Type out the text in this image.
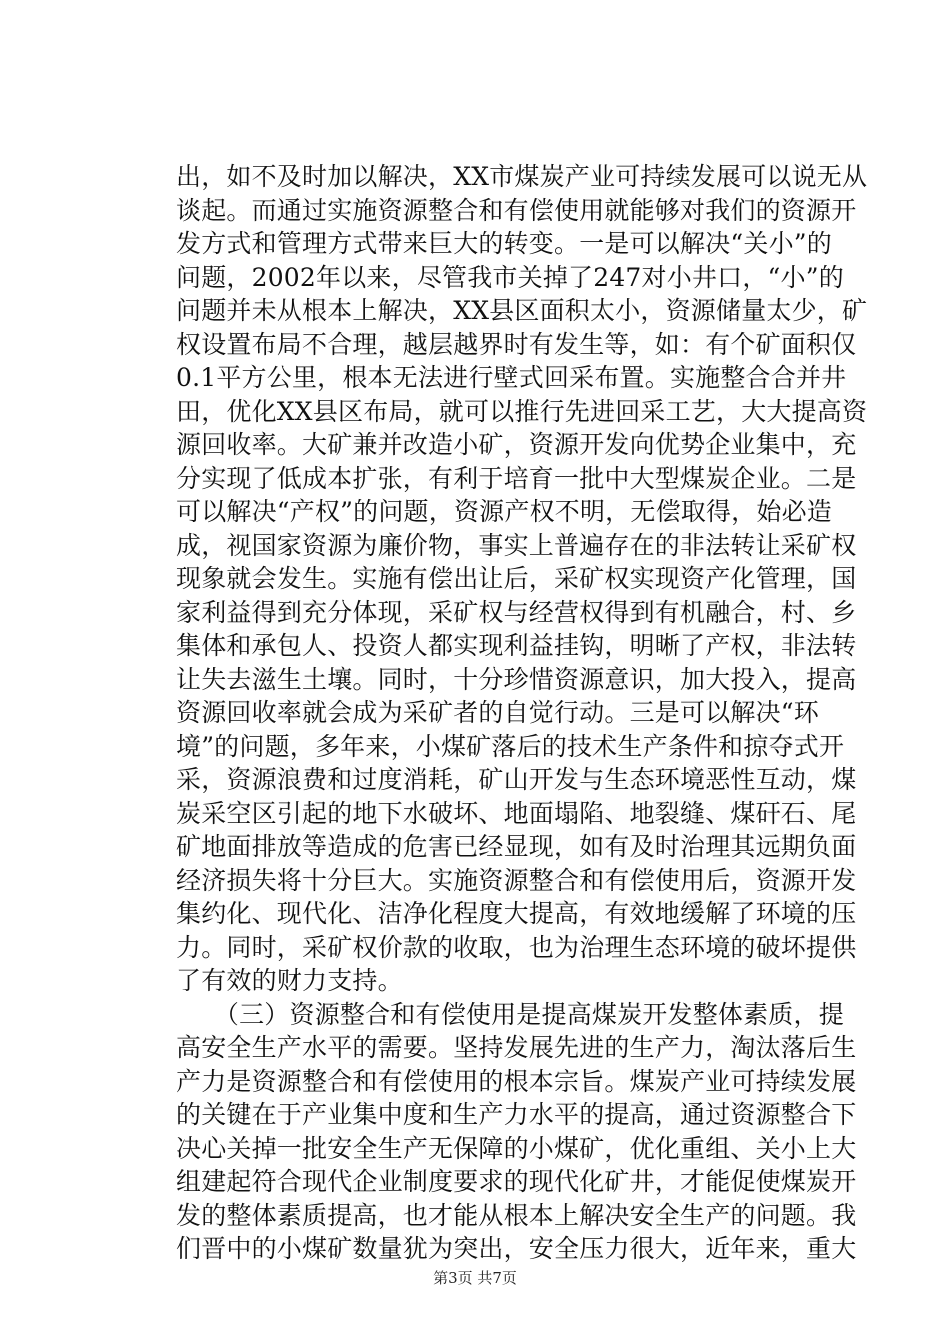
出，如不及时加以解决，XX市煤炭产业可持续发展可以说无从
谈起。而通过实施资源整合和有偿使用就能够对我们的资源开
发方式和管理方式带来巨大的转变。一是可以解决“关小”的
问题，2002年以来，尽管我市关掉了247对小井口，“小”的
问题并未从根本上解决，XX县区面积太小，资源储量太少，矿
权设置布局不合理，越层越界时有发生等，如：有个矿面积仅
0.1平方公里，根本无法进行壁式回采布置。实施整合合并井
田，优化XX县区布局，就可以推行先进回采工艺，大大提高资
源回收率。大矿兼并改造小矿，资源开发向优势企业集中，充
分实现了低成本扩张，有利于培育一批中大型煤炭企业。二是
可以解决“产权”的问题，资源产权不明，无偿取得，始必造
成，视国家资源为廉价物，事实上普遍存在的非法转让采矿权
现象就会发生。实施有偿出让后，采矿权实现资产化管理，国
家利益得到充分体现，采矿权与经营权得到有机融合，村、乡
集体和承包人、投资人都实现利益挂钩，明晰了产权，非法转
让失去滋生土壤。同时，十分珍惜资源意识，加大投入，提高
资源回收率就会成为采矿者的自觉行动。三是可以解决“环
境”的问题，多年来，小煤矿落后的技术生产条件和掠夺式开
采，资源浪费和过度消耗，矿山开发与生态环境恶性互动，煤
炭采空区引起的地下水破坏、地面塌陷、地裂缝、煤矸石、尾
矿地面排放等造成的危害已经显现，如有及时治理其远期负面
经济损失将十分巨大。实施资源整合和有偿使用后，资源开发
集约化、现代化、洁净化程度大提高，有效地缓解了环境的压
力。同时，采矿权价款的收取，也为治理生态环境的破坏提供
了有效的财力支持。
　　（三）资源整合和有偿使用是提高煤炭开发整体素质，提
高安全生产水平的需要。坚持发展先进的生产力，淘汰落后生
产力是资源整合和有偿使用的根本宗旨。煤炭产业可持续发展
的关键在于产业集中度和生产力水平的提高，通过资源整合下
决心关掉一批安全生产无保障的小煤矿，优化重组、关小上大
组建起符合现代企业制度要求的现代化矿井，才能促使煤炭开
发的整体素质提高，也才能从根本上解决安全生产的问题。我
们晋中的小煤矿数量犹为突出，安全压力很大，近年来，重大
第3页 共7页
